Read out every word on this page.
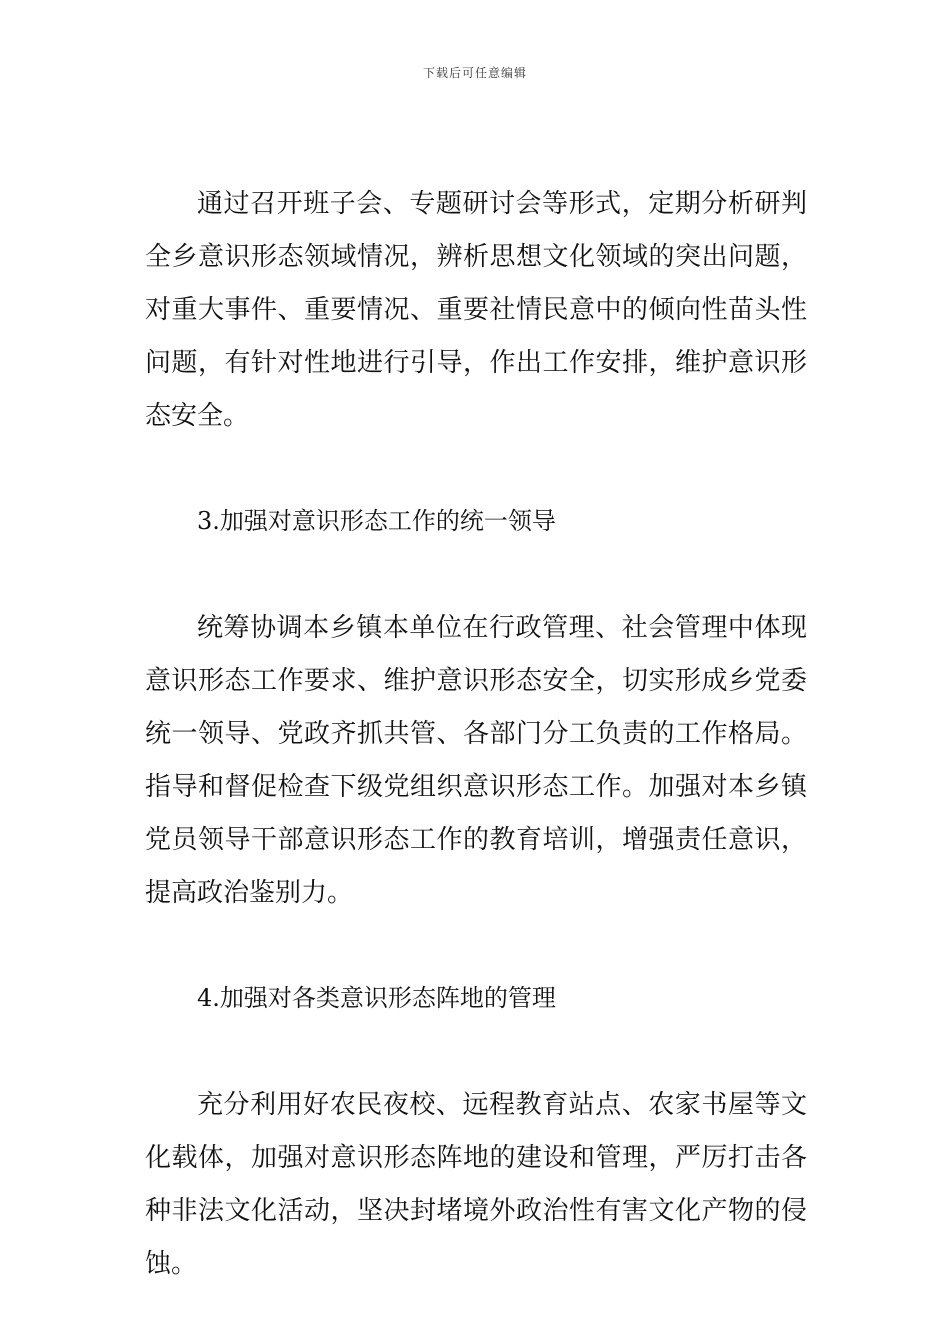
下载后可任意编辑

通过召开班子会、专题研讨会等形式，定期分析研判全乡意识形态领域情况，辨析思想文化领域的突出问题，对重大事件、重要情况、重要社情民意中的倾向性苗头性问题，有针对性地进行引导，作出工作安排，维护意识形态安全。

3.加强对意识形态工作的统一领导

统筹协调本乡镇本单位在行政管理、社会管理中体现意识形态工作要求、维护意识形态安全，切实形成乡党委统一领导、党政齐抓共管、各部门分工负责的工作格局。指导和督促检查下级党组织意识形态工作。加强对本乡镇党员领导干部意识形态工作的教育培训，增强责任意识，提高政治鉴别力。

4.加强对各类意识形态阵地的管理

充分利用好农民夜校、远程教育站点、农家书屋等文化载体，加强对意识形态阵地的建设和管理，严厉打击各种非法文化活动，坚决封堵境外政治性有害文化产物的侵蚀。
